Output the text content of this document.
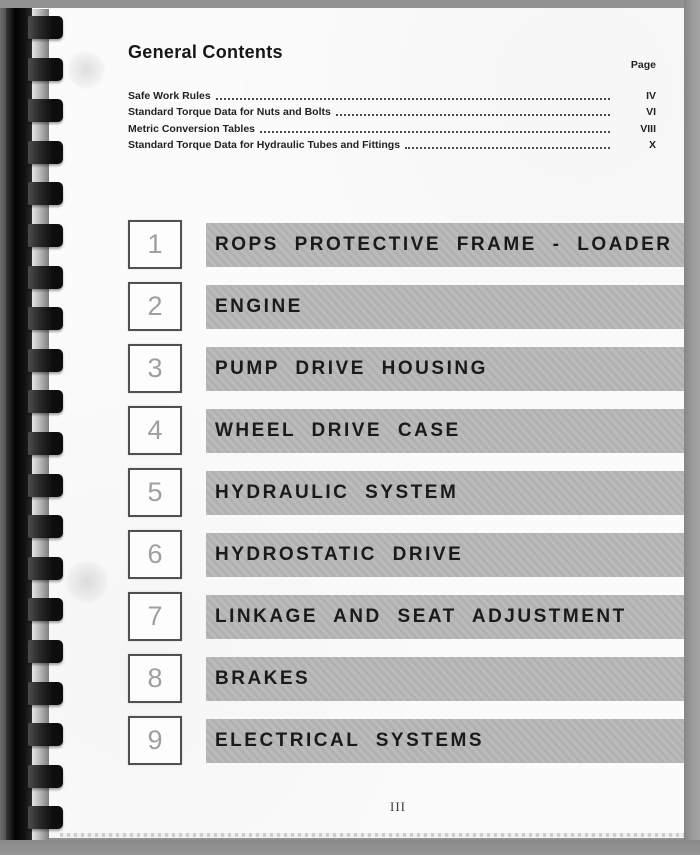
General Contents
Page
Safe Work Rules	IV
Standard Torque Data for Nuts and Bolts	VI
Metric Conversion Tables	VIII
Standard Torque Data for Hydraulic Tubes and Fittings	X
1	ROPS PROTECTIVE FRAME - LOADER
2	ENGINE
3	PUMP DRIVE HOUSING
4	WHEEL DRIVE CASE
5	HYDRAULIC SYSTEM
6	HYDROSTATIC DRIVE
7	LINKAGE AND SEAT ADJUSTMENT
8	BRAKES
9	ELECTRICAL SYSTEMS
III
